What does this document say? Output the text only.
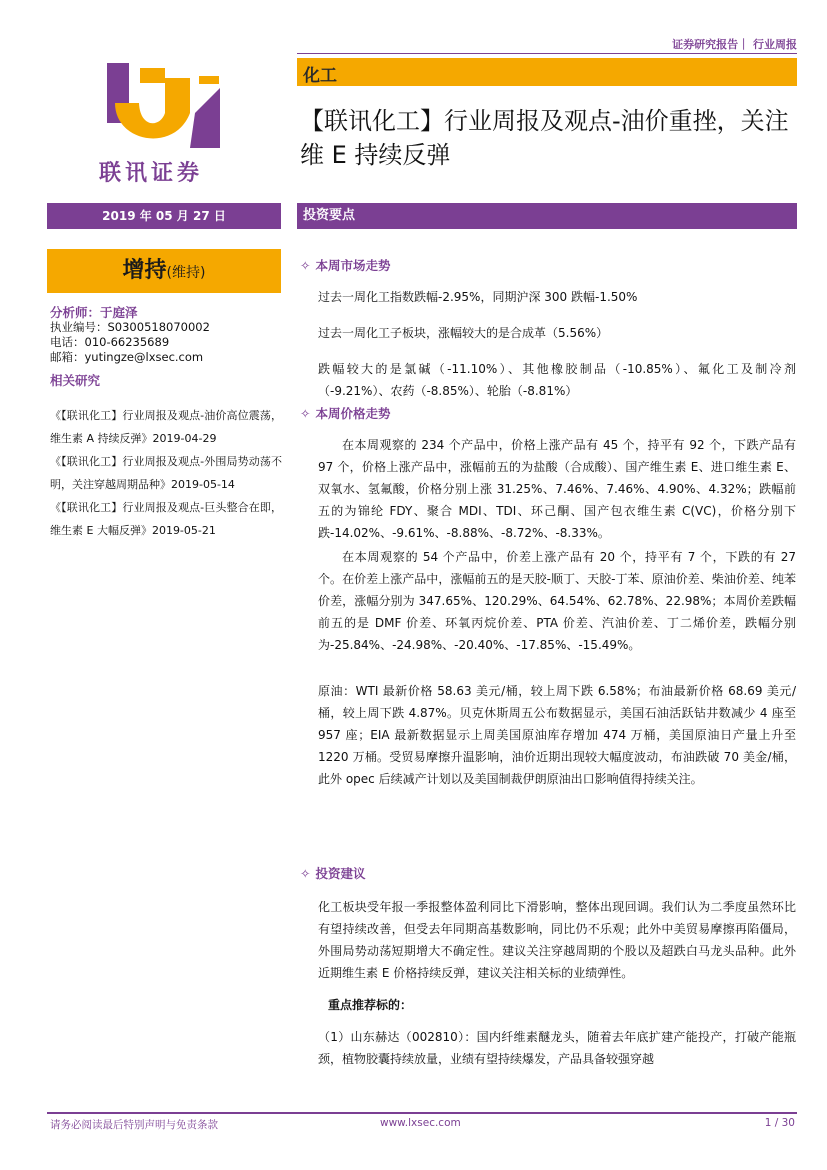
证券研究报告｜ 行业周报
联讯证券
化工
【联讯化工】行业周报及观点-油价重挫，关注维 E 持续反弹
2019 年 05 月 27 日	投资要点
增持(维持)
分析师：于庭泽
执业编号：S0300518070002
电话：010-66235689
邮箱：yutingze@lxsec.com
相关研究

《【联讯化工】行业周报及观点-油价高位震荡，维生素 A 持续反弹》2019-04-29

《【联讯化工】行业周报及观点-外围局势动荡不明，关注穿越周期品种》2019-05-14

《【联讯化工】行业周报及观点-巨头整合在即，维生素 E 大幅反弹》2019-05-21

✧ 本周市场走势

过去一周化工指数跌幅-2.95%，同期沪深 300 跌幅-1.50%

过去一周化工子板块，涨幅较大的是合成革（5.56%）

跌幅较大的是氯碱（-11.10%）、其他橡胶制品（-10.85%）、氟化工及制冷剂（-9.21%）、农药（-8.85%）、轮胎（-8.81%）

✧ 本周价格走势

在本周观察的 234 个产品中，价格上涨产品有 45 个，持平有 92 个，下跌产品有 97 个，价格上涨产品中，涨幅前五的为盐酸（合成酸）、国产维生素 E、进口维生素 E、双氧水、氢氟酸，价格分别上涨 31.25%、7.46%、7.46%、4.90%、4.32%；跌幅前五的为锦纶 FDY、聚合 MDI、TDI、环己酮、国产包衣维生素 C(VC)，价格分别下跌-14.02%、-9.61%、-8.88%、-8.72%、-8.33%。

在本周观察的 54 个产品中，价差上涨产品有 20 个，持平有 7 个，下跌的有 27 个。在价差上涨产品中，涨幅前五的是天胶-顺丁、天胶-丁苯、原油价差、柴油价差、纯苯价差，涨幅分别为 347.65%、120.29%、64.54%、62.78%、22.98%；本周价差跌幅前五的是 DMF 价差、环氧丙烷价差、PTA 价差、汽油价差、丁二烯价差，跌幅分别为-25.84%、-24.98%、-20.40%、-17.85%、-15.49%。

原油：WTI 最新价格 58.63 美元/桶，较上周下跌 6.58%；布油最新价格 68.69 美元/桶，较上周下跌 4.87%。贝克休斯周五公布数据显示，美国石油活跃钻井数减少 4 座至 957 座；EIA 最新数据显示上周美国原油库存增加 474 万桶，美国原油日产量上升至 1220 万桶。受贸易摩擦升温影响，油价近期出现较大幅度波动，布油跌破 70 美金/桶，此外 opec 后续减产计划以及美国制裁伊朗原油出口影响值得持续关注。

✧ 投资建议

化工板块受年报一季报整体盈利同比下滑影响，整体出现回调。我们认为二季度虽然环比有望持续改善，但受去年同期高基数影响，同比仍不乐观；此外中美贸易摩擦再陷僵局，外围局势动荡短期增大不确定性。建议关注穿越周期的个股以及超跌白马龙头品种。此外近期维生素 E 价格持续反弹，建议关注相关标的业绩弹性。

重点推荐标的：

（1）山东赫达（002810）：国内纤维素醚龙头，随着去年底扩建产能投产，打破产能瓶颈，植物胶囊持续放量，业绩有望持续爆发，产品具备较强穿越

请务必阅读最后特别声明与免责条款	www.lxsec.com	1 / 30
